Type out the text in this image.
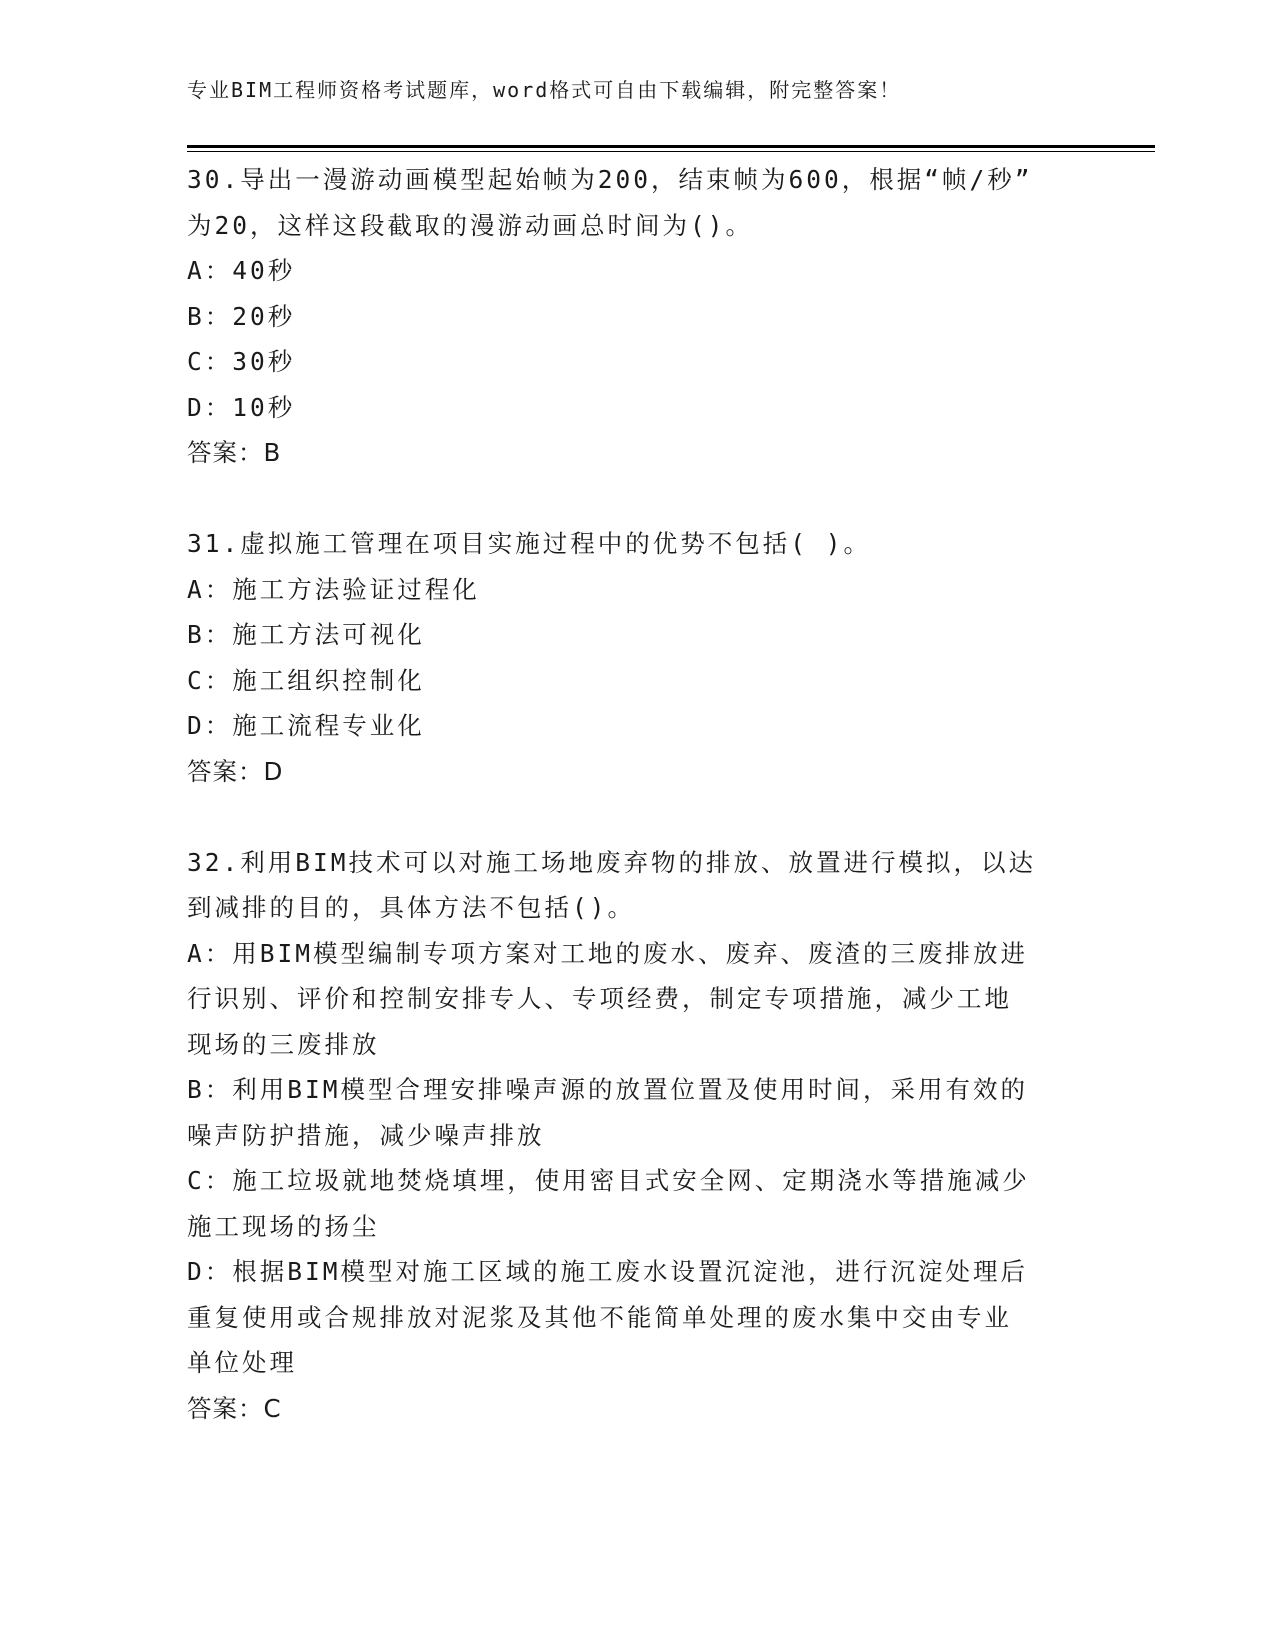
专业BIM工程师资格考试题库，word格式可自由下载编辑，附完整答案！
30.导出一漫游动画模型起始帧为200，结束帧为600，根据“帧/秒”
为20，这样这段截取的漫游动画总时间为()。
A：40秒
B：20秒
C：30秒
D：10秒
答案：B
31.虚拟施工管理在项目实施过程中的优势不包括( )。
A：施工方法验证过程化
B：施工方法可视化
C：施工组织控制化
D：施工流程专业化
答案：D
32.利用BIM技术可以对施工场地废弃物的排放、放置进行模拟，以达
到减排的目的，具体方法不包括()。
A：用BIM模型编制专项方案对工地的废水、废弃、废渣的三废排放进
行识别、评价和控制安排专人、专项经费，制定专项措施，减少工地
现场的三废排放
B：利用BIM模型合理安排噪声源的放置位置及使用时间，采用有效的
噪声防护措施，减少噪声排放
C：施工垃圾就地焚烧填埋，使用密目式安全网、定期浇水等措施减少
施工现场的扬尘
D：根据BIM模型对施工区域的施工废水设置沉淀池，进行沉淀处理后
重复使用或合规排放对泥浆及其他不能简单处理的废水集中交由专业
单位处理
答案：C
